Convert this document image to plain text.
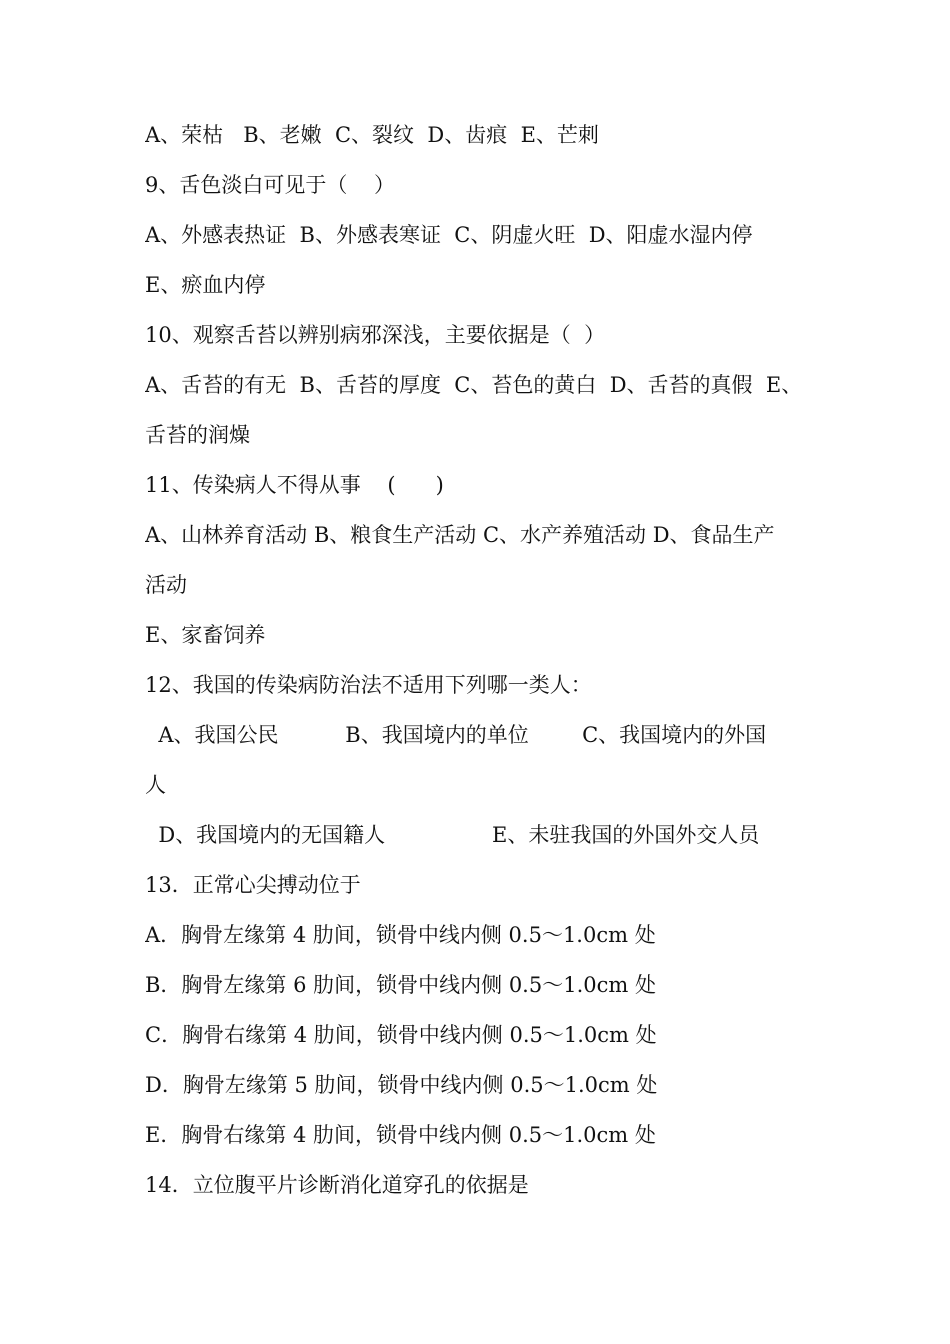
A、荣枯   B、老嫩  C、裂纹  D、齿痕  E、芒刺
9、舌色淡白可见于（    ）
A、外感表热证  B、外感表寒证  C、阴虚火旺  D、阳虚水湿内停
E、瘀血内停
10、观察舌苔以辨别病邪深浅，主要依据是（  ）
A、舌苔的有无  B、舌苔的厚度  C、苔色的黄白  D、舌苔的真假  E、
舌苔的润燥
11、传染病人不得从事    (      )
A、山林养育活动 B、粮食生产活动 C、水产养殖活动 D、食品生产
活动
E、家畜饲养
12、我国的传染病防治法不适用下列哪一类人：
A、我国公民          B、我国境内的单位        C、我国境内的外国
人
D、我国境内的无国籍人                E、未驻我国的外国外交人员
13．正常心尖搏动位于
A．胸骨左缘第 4 肋间，锁骨中线内侧 0.5～1.0cm 处
B．胸骨左缘第 6 肋间，锁骨中线内侧 0.5～1.0cm 处
C．胸骨右缘第 4 肋间，锁骨中线内侧 0.5～1.0cm 处
D．胸骨左缘第 5 肋间，锁骨中线内侧 0.5～1.0cm 处
E．胸骨右缘第 4 肋间，锁骨中线内侧 0.5～1.0cm 处
14．立位腹平片诊断消化道穿孔的依据是
